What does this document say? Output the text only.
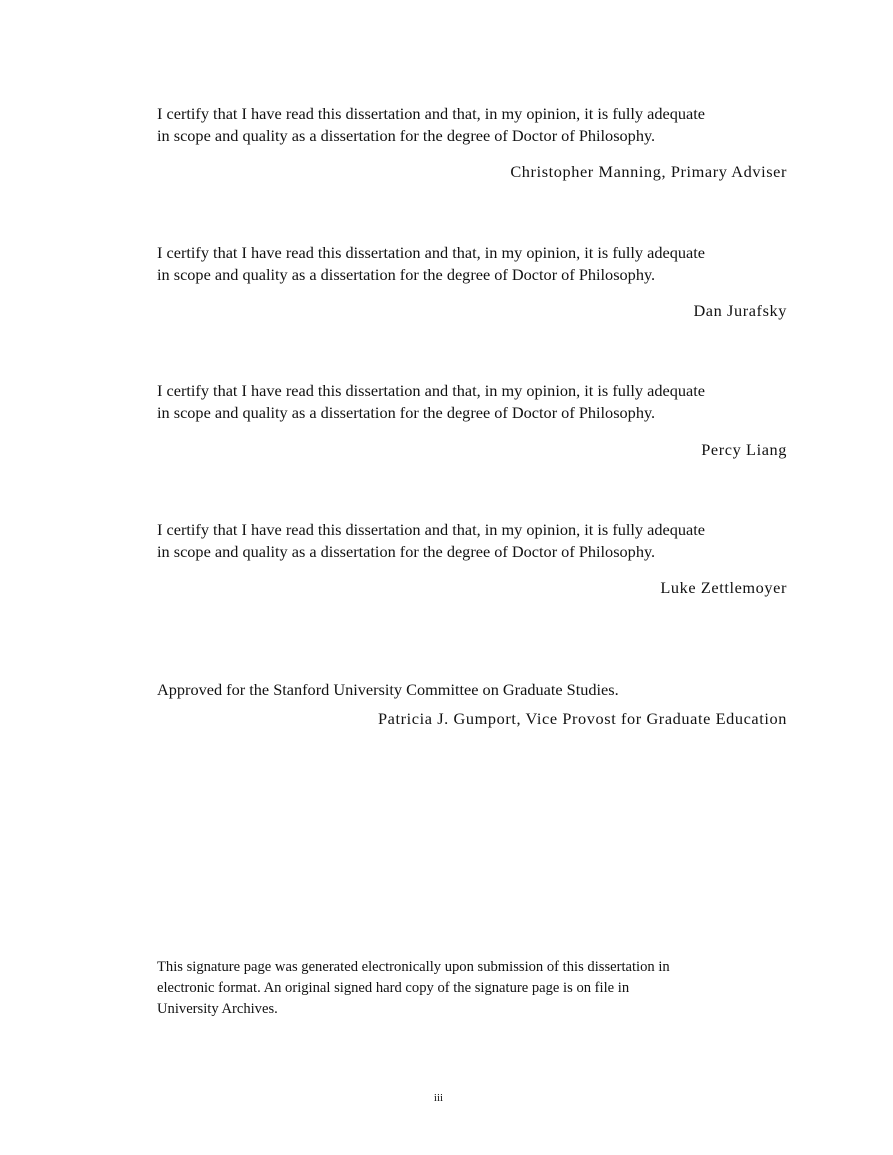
I certify that I have read this dissertation and that, in my opinion, it is fully adequate
in scope and quality as a dissertation for the degree of Doctor of Philosophy.

Christopher Manning, Primary Adviser

I certify that I have read this dissertation and that, in my opinion, it is fully adequate
in scope and quality as a dissertation for the degree of Doctor of Philosophy.

Dan Jurafsky

I certify that I have read this dissertation and that, in my opinion, it is fully adequate
in scope and quality as a dissertation for the degree of Doctor of Philosophy.

Percy Liang

I certify that I have read this dissertation and that, in my opinion, it is fully adequate
in scope and quality as a dissertation for the degree of Doctor of Philosophy.

Luke Zettlemoyer

Approved for the Stanford University Committee on Graduate Studies.

Patricia J. Gumport, Vice Provost for Graduate Education

This signature page was generated electronically upon submission of this dissertation in
electronic format. An original signed hard copy of the signature page is on file in
University Archives.

iii
